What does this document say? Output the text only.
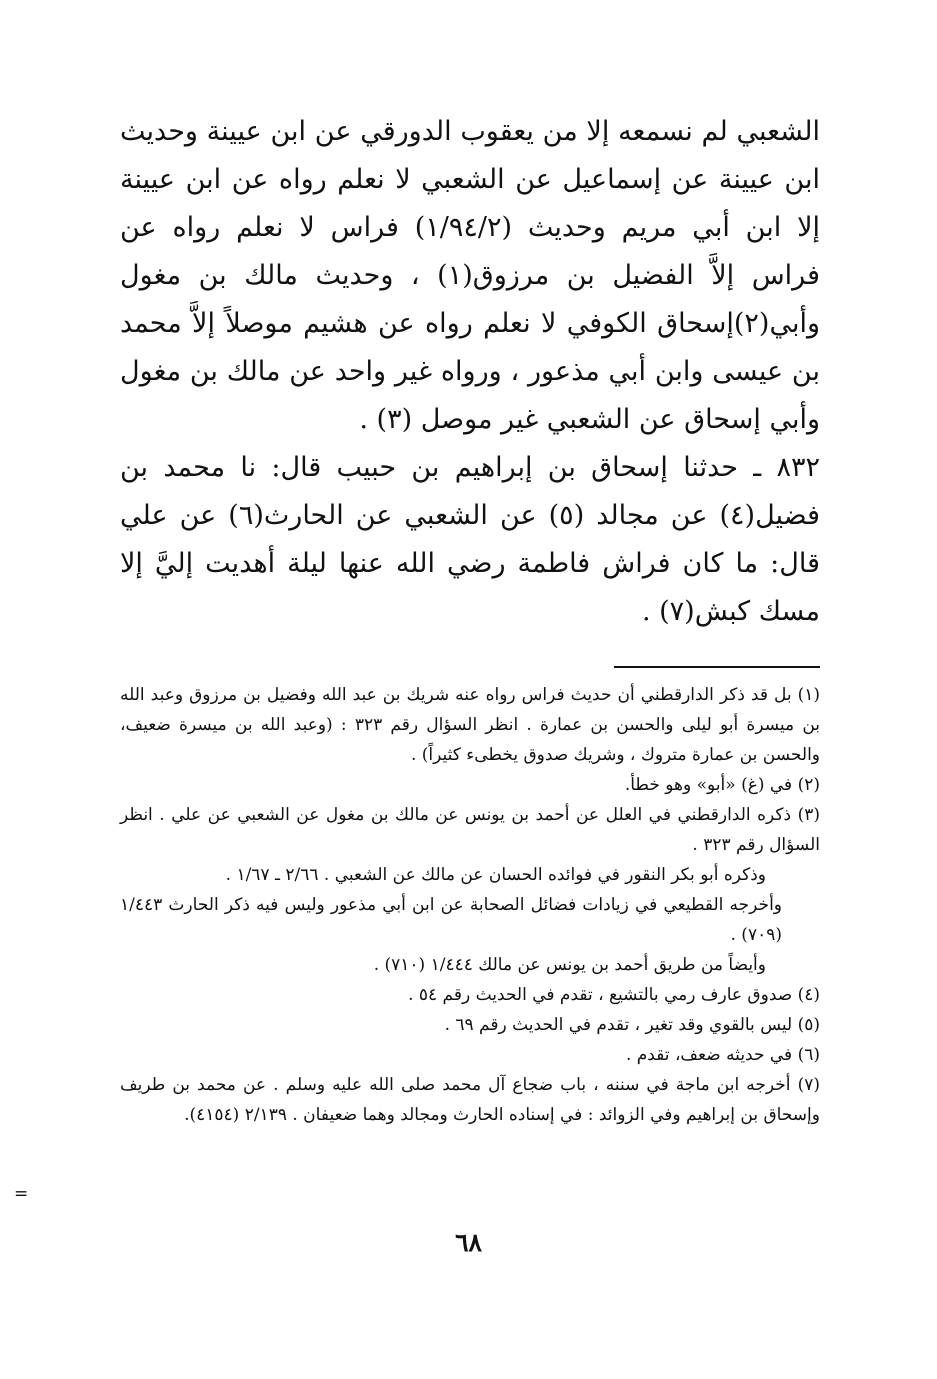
الشعبي لم نسمعه إلا من يعقوب الدورقي عن ابن عيينة وحديث ابن عيينة عن إسماعيل عن الشعبي لا نعلم رواه عن ابن عيينة إلا ابن أبي مريم وحديث (١/٩٤/٢) فراس لا نعلم رواه عن فراس إلاَّ الفضيل بن مرزوق(١) ، وحديث مالك بن مغول وأبي(٢)إسحاق الكوفي لا نعلم رواه عن هشيم موصلاً إلاَّ محمد بن عيسى وابن أبي مذعور ، ورواه غير واحد عن مالك بن مغول وأبي إسحاق عن الشعبي غير موصل (٣) .

٨٣٢ ـ حدثنا إسحاق بن إبراهيم بن حبيب قال: نا محمد بن فضيل(٤) عن مجالد (٥) عن الشعبي عن الحارث(٦) عن علي قال: ما كان فراش فاطمة رضي الله عنها ليلة أهديت إليَّ إلا مسك كبش(٧) .

(١) بل قد ذكر الدارقطني أن حديث فراس رواه عنه شريك بن عبد الله وفضيل بن مرزوق وعبد الله بن ميسرة أبو ليلى والحسن بن عمارة . انظر السؤال رقم ٣٢٣ : (وعبد الله بن ميسرة ضعيف، والحسن بن عمارة متروك ، وشريك صدوق يخطىء كثيراً) .

(٢) في (غ) «أبو» وهو خطأ.

(٣) ذكره الدارقطني في العلل عن أحمد بن يونس عن مالك بن مغول عن الشعبي عن علي . انظر السؤال رقم ٣٢٣ .

وذكره أبو بكر النقور في فوائده الحسان عن مالك عن الشعبي . ٢/٦٦ ـ ١/٦٧ .

وأخرجه القطيعي في زيادات فضائل الصحابة عن ابن أبي مذعور وليس فيه ذكر الحارث ١/٤٤٣ (٧٠٩) .

وأيضاً من طريق أحمد بن يونس عن مالك ١/٤٤٤ (٧١٠) .

(٤) صدوق عارف رمي بالتشيع ، تقدم في الحديث رقم ٥٤ .

(٥) ليس بالقوي وقد تغير ، تقدم في الحديث رقم ٦٩ .

(٦) في حديثه ضعف، تقدم .

(٧) أخرجه ابن ماجة في سننه ، باب ضجاع آل محمد صلى الله عليه وسلم . عن محمد بن طريف وإسحاق بن إبراهيم وفي الزوائد : في إسناده الحارث ومجالد وهما ضعيفان . ٢/١٣٩ (٤١٥٤).

=
٦٨
